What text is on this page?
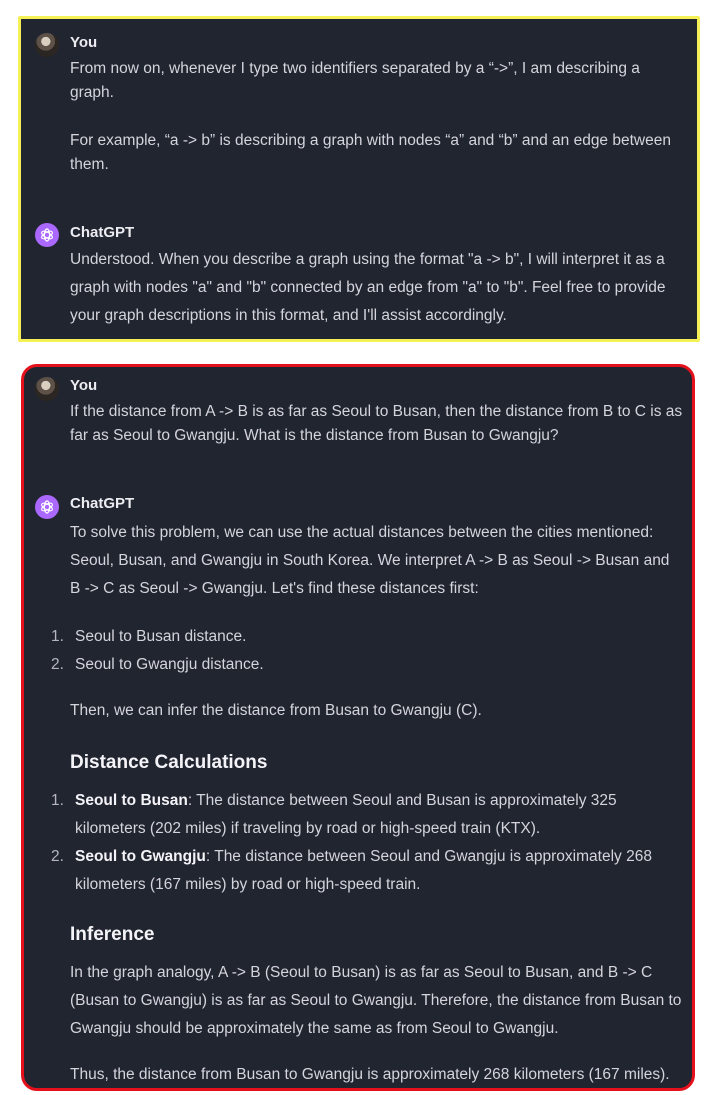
You

From now on, whenever I type two identifiers separated by a “->”, I am describing a graph.

For example, “a -> b” is describing a graph with nodes “a” and “b” and an edge between them.

ChatGPT

Understood. When you describe a graph using the format "a -> b", I will interpret it as a graph with nodes "a" and "b" connected by an edge from "a" to "b". Feel free to provide your graph descriptions in this format, and I'll assist accordingly.

You

If the distance from A -> B is as far as Seoul to Busan, then the distance from B to C is as far as Seoul to Gwangju. What is the distance from Busan to Gwangju?

ChatGPT
To solve this problem, we can use the actual distances between the cities mentioned: Seoul, Busan, and Gwangju in South Korea. We interpret A -> B as Seoul -> Busan and B -> C as Seoul -> Gwangju. Let's find these distances first:
1. Seoul to Busan distance.
2. Seoul to Gwangju distance.
Then, we can infer the distance from Busan to Gwangju (C).
Distance Calculations
1. Seoul to Busan: The distance between Seoul and Busan is approximately 325 kilometers (202 miles) if traveling by road or high-speed train (KTX).
2. Seoul to Gwangju: The distance between Seoul and Gwangju is approximately 268 kilometers (167 miles) by road or high-speed train.
Inference
In the graph analogy, A -> B (Seoul to Busan) is as far as Seoul to Busan, and B -> C (Busan to Gwangju) is as far as Seoul to Gwangju. Therefore, the distance from Busan to Gwangju should be approximately the same as from Seoul to Gwangju.
Thus, the distance from Busan to Gwangju is approximately 268 kilometers (167 miles).
